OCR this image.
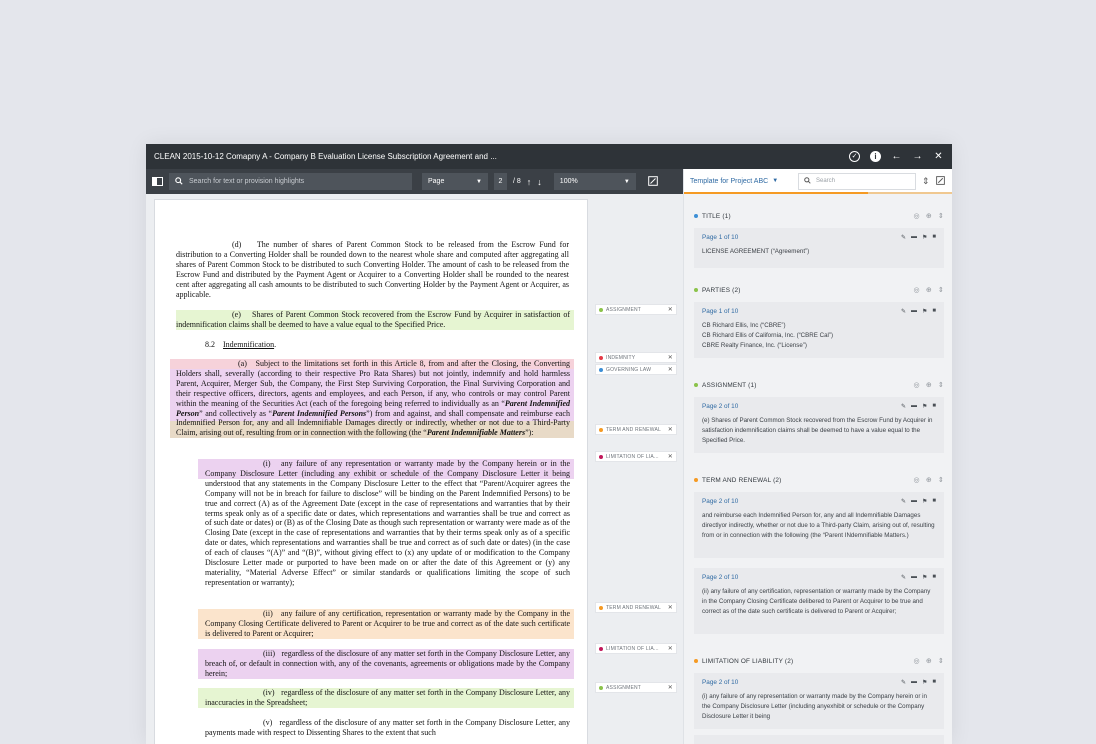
CLEAN 2015-10-12 Comapny A - Company B Evaluation License Subscription Agreement and ...	✓	i	← → ✕
Search for text or provision highlights	Page	▼ 2 / 8 ↑ ↓	100%	▼
(d)    The number of shares of Parent Common Stock to be released from the Escrow Fund for distribution to a Converting Holder shall be rounded down to the nearest whole share and computed after aggregating all shares of Parent Common Stock to be distributed to such Converting Holder. The amount of cash to be released from the Escrow Fund and distributed by the Payment Agent or Acquirer to a Converting Holder shall be rounded to the nearest cent after aggregating all cash amounts to be distributed to such Converting Holder by the Payment Agent or Acquirer, as applicable.
(e)    Shares of Parent Common Stock recovered from the Escrow Fund by Acquirer in satisfaction of indemnification claims shall be deemed to have a value equal to the Specified Price.
8.2 Indemnification.
(a)   Subject to the limitations set forth in this Article 8, from and after the Closing, the Converting Holders shall, severally (according to their respective Pro Rata Shares) but not jointly, indemnify and hold harmless Parent, Acquirer, Merger Sub, the Company, the First Step Surviving Corporation, the Final Surviving Corporation and their respective officers, directors, agents and employees, and each Person, if any, who controls or may control Parent within the meaning of the Securities Act (each of the foregoing being referred to individually as an “Parent Indemnified Person” and collectively as “Parent Indemnified Persons”) from and against, and shall compensate and reimburse each Indemnified Person for, any and all Indemnifiable Damages directly or indirectly, whether or not due to a Third-Party Claim, arising out of, resulting from or in connection with the following (the “Parent Indemnifiable Matters”):
(i)   any failure of any representation or warranty made by the Company herein or in the Company Disclosure Letter (including any exhibit or schedule of the Company Disclosure Letter it being understood that any statements in the Company Disclosure Letter to the effect that “Parent/Acquirer agrees the Company will not be in breach for failure to disclose” will be binding on the Parent Indemnified Persons) to be true and correct (A) as of the Agreement Date (except in the case of representations and warranties that by their terms speak only as of a specific date or dates, which representations and warranties shall be true and correct as of such date or dates) or (B) as of the Closing Date as though such representation or warranty were made as of the Closing Date (except in the case of representations and warranties that by their terms speak only as of a specific date or dates, which representations and warranties shall be true and correct as of such date or dates) (in the case of each of clauses “(A)” and “(B)”, without giving effect to (x) any update of or modification to the Company Disclosure Letter made or purported to have been made on or after the date of this Agreement or (y) any materiality, “Material Adverse Effect” or similar standards or qualifications limiting the scope of such representation or warranty);
(ii)   any failure of any certification, representation or warranty made by the Company in the Company Closing Certificate delivered to Parent or Acquirer to be true and correct as of the date such certificate is delivered to Parent or Acquirer;
(iii)   regardless of the disclosure of any matter set forth in the Company Disclosure Letter, any breach of, or default in connection with, any of the covenants, agreements or obligations made by the Company herein;
(iv)   regardless of the disclosure of any matter set forth in the Company Disclosure Letter, any inaccuracies in the Spreadsheet;
(v)   regardless of the disclosure of any matter set forth in the Company Disclosure Letter, any payments made with respect to Dissenting Shares to the extent that such
ASSIGNMENT	✕
INDEMNITY	✕
GOVERNING LAW	✕
TERM AND RENEWAL	✕
LIMITATION OF LIA...	✕
TERM AND RENEWAL	✕
LIMITATION OF LIA...	✕
ASSIGNMENT	✕
Template for Project ABC ▼	Search	⇕
TITLE (1)	◎ ⊕ ⇕
Page 1 of 10	✎ ▬ ⚑ ■
LICENSE AGREEMENT (“Agreement”)
PARTIES (2)	◎ ⊕ ⇕
Page 1 of 10	✎ ▬ ⚑ ■
CB Richard Ellis, Inc (“CBRE”)
CB Richard Ellis of California, Inc. (“CBRE Cal”)
CBRE Realty Finance, Inc. (“License”)
ASSIGNMENT (1)	◎ ⊕ ⇕
Page 2 of 10	✎ ▬ ⚑ ■
(e) Shares of Parent Common Stock recovered from the Escrow Fund by Acquirer in satisfaction indemnification claims shall be deemed to have a value equal to the Specified Price.
TERM AND RENEWAL (2)	◎ ⊕ ⇕
Page 2 of 10	✎ ▬ ⚑ ■
and reimburse each Indemnified Person for, any and all Indemnifiable Damages directlyor indirectly, whether or not due to a Third-party Claim, arising out of, resulting from or in connection with the following (the “Parent INdemnifiable Matters.)
Page 2 of 10	✎ ▬ ⚑ ■
(ii) any failure of any certification, representation or warranty made by the Company in the Company Closing Certificate delibered to Parent or Acquirer to be true and correct as of the date such certificate is delivered to Parent or Acquirer;
LIMITATION OF LIABILITY (2)	◎ ⊕ ⇕
Page 2 of 10	✎ ▬ ⚑ ■
(i) any failure of any representation or warranty made by the Company herein or in the Company Disclosure Letter (including anyexhibit or schedule or the Company Disclosure Letter it being
